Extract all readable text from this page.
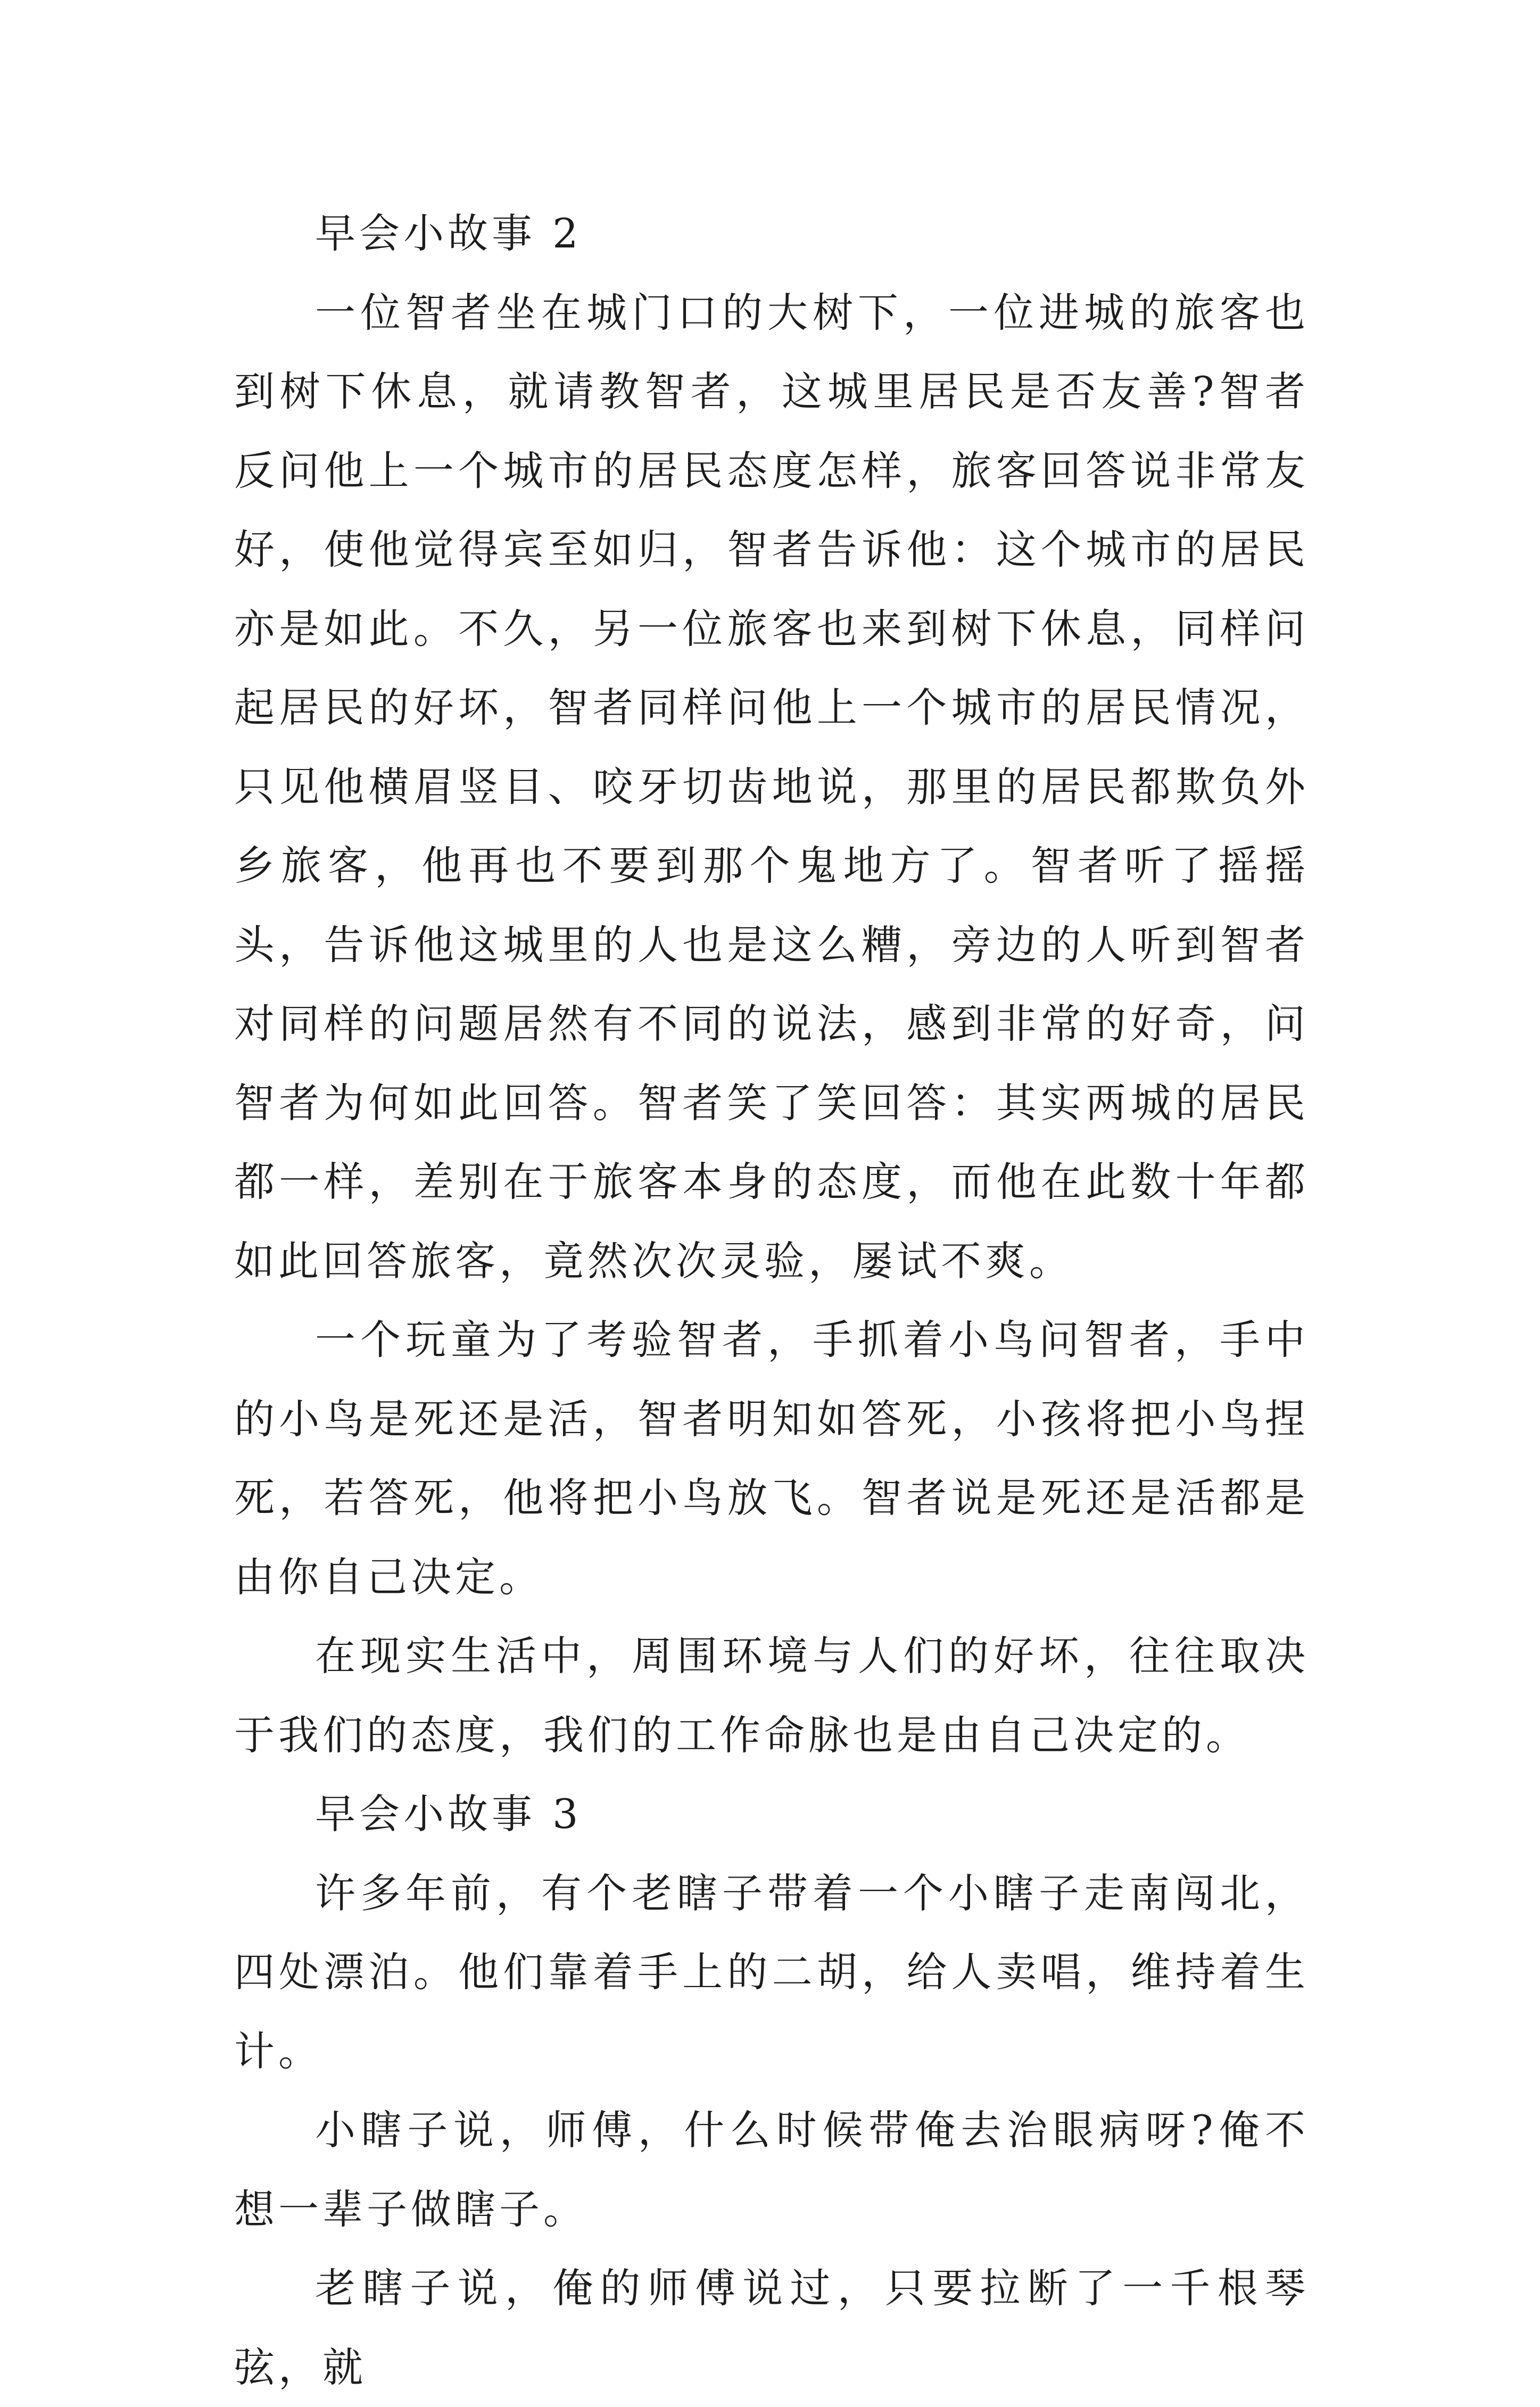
早会小故事 2

一位智者坐在城门口的大树下，一位进城的旅客也到树下休息，就请教智者，这城里居民是否友善?智者反问他上一个城市的居民态度怎样，旅客回答说非常友好，使他觉得宾至如归，智者告诉他：这个城市的居民亦是如此。不久，另一位旅客也来到树下休息，同样问起居民的好坏，智者同样问他上一个城市的居民情况，只见他横眉竖目、咬牙切齿地说，那里的居民都欺负外乡旅客，他再也不要到那个鬼地方了。智者听了摇摇头，告诉他这城里的人也是这么糟，旁边的人听到智者对同样的问题居然有不同的说法，感到非常的好奇，问智者为何如此回答。智者笑了笑回答：其实两城的居民都一样，差别在于旅客本身的态度，而他在此数十年都如此回答旅客，竟然次次灵验，屡试不爽。

一个玩童为了考验智者，手抓着小鸟问智者，手中的小鸟是死还是活，智者明知如答死，小孩将把小鸟捏死，若答死，他将把小鸟放飞。智者说是死还是活都是由你自己决定。

在现实生活中，周围环境与人们的好坏，往往取决于我们的态度，我们的工作命脉也是由自己决定的。

早会小故事 3

许多年前，有个老瞎子带着一个小瞎子走南闯北，四处漂泊。他们靠着手上的二胡，给人卖唱，维持着生计。

小瞎子说，师傅，什么时候带俺去治眼病呀?俺不想一辈子做瞎子。

老瞎子说，俺的师傅说过，只要拉断了一千根琴弦，就
